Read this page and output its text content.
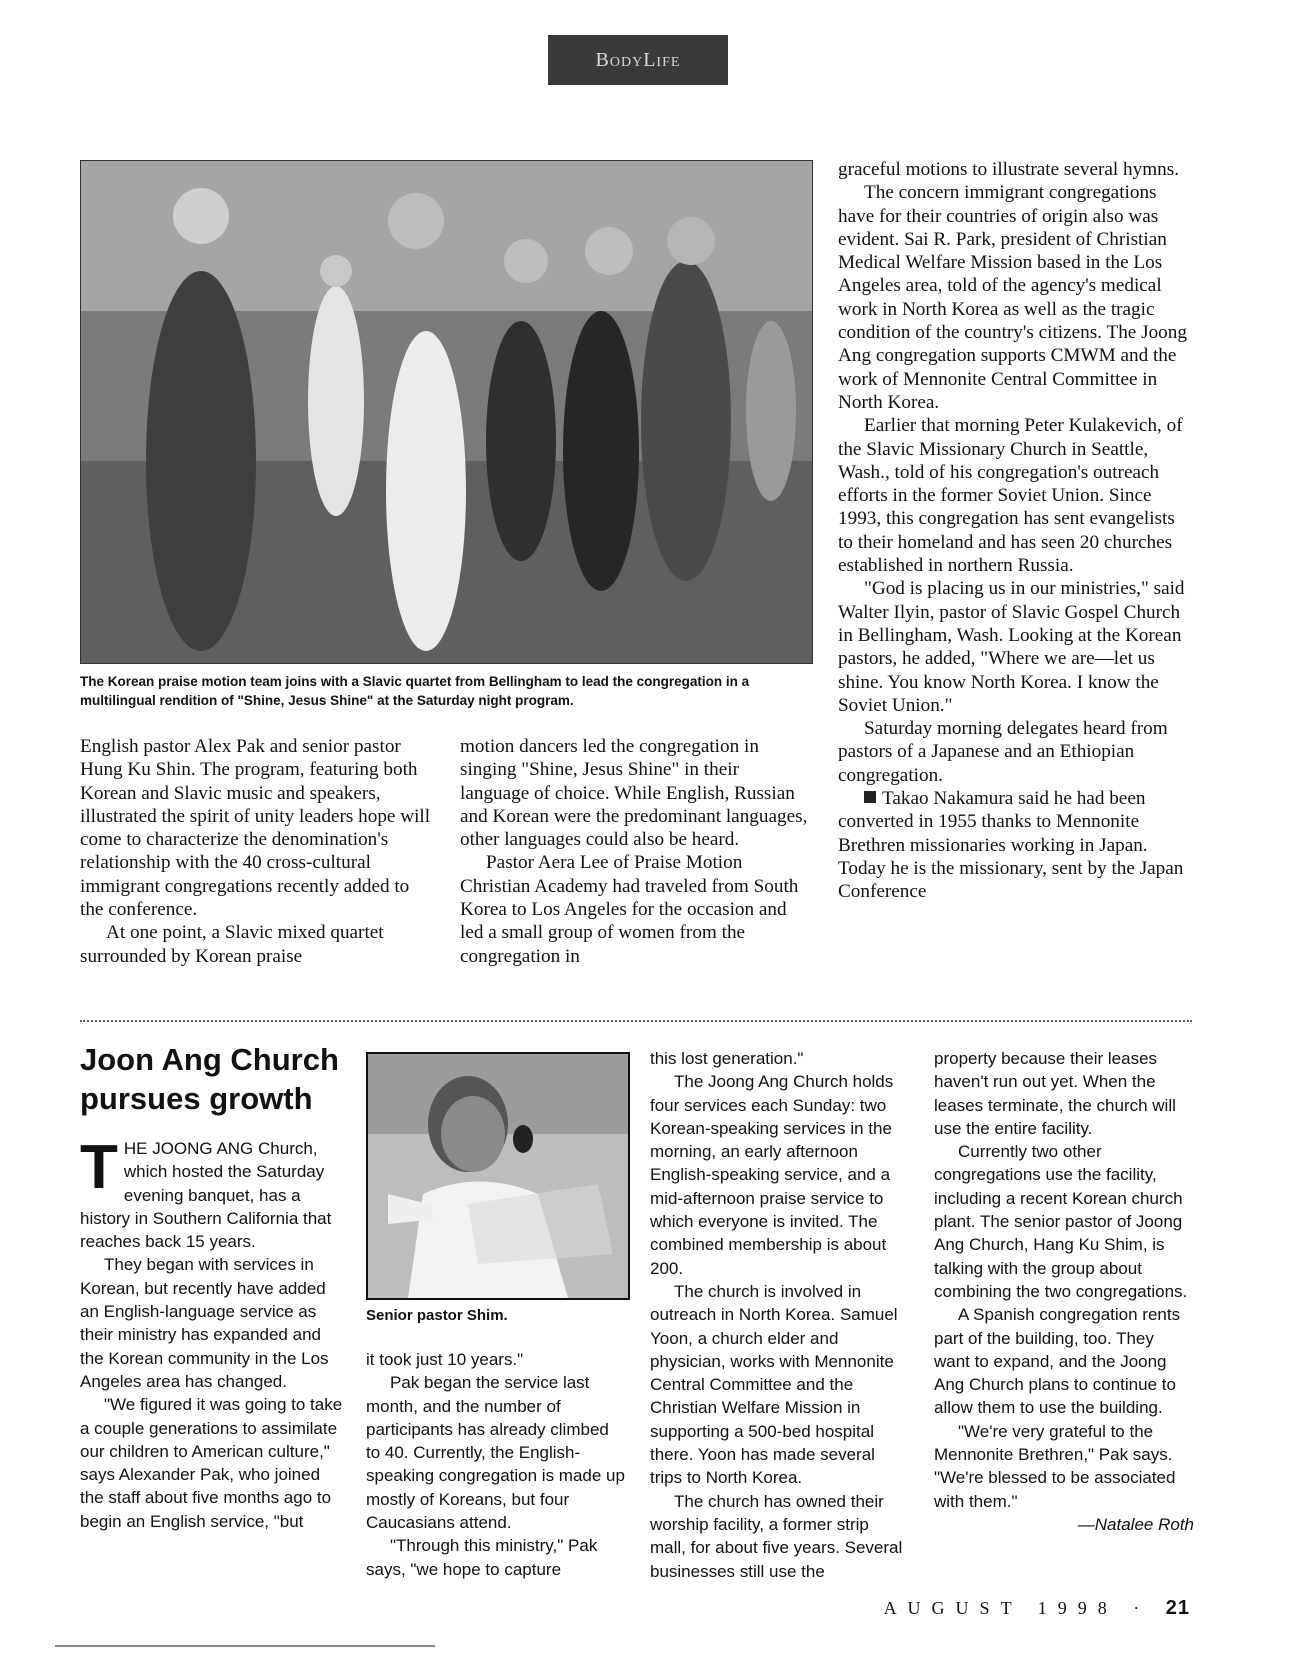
BodyLife
The Korean praise motion team joins with a Slavic quartet from Bellingham to lead the congregation in a multilingual rendition of "Shine, Jesus Shine" at the Saturday night program.

English pastor Alex Pak and senior pastor Hung Ku Shin. The program, featuring both Korean and Slavic music and speakers, illustrated the spirit of unity leaders hope will come to characterize the denomination's relationship with the 40 cross-cultural immigrant congregations recently added to the conference.

At one point, a Slavic mixed quartet surrounded by Korean praise

motion dancers led the congregation in singing "Shine, Jesus Shine" in their language of choice. While English, Russian and Korean were the predominant languages, other languages could also be heard.

Pastor Aera Lee of Praise Motion Christian Academy had traveled from South Korea to Los Angeles for the occasion and led a small group of women from the congregation in

graceful motions to illustrate several hymns.

The concern immigrant congregations have for their countries of origin also was evident. Sai R. Park, president of Christian Medical Welfare Mission based in the Los Angeles area, told of the agency's medical work in North Korea as well as the tragic condition of the country's citizens. The Joong Ang congregation supports CMWM and the work of Mennonite Central Committee in North Korea.

Earlier that morning Peter Kulakevich, of the Slavic Missionary Church in Seattle, Wash., told of his congregation's outreach efforts in the former Soviet Union. Since 1993, this congregation has sent evangelists to their homeland and has seen 20 churches established in northern Russia.

"God is placing us in our ministries," said Walter Ilyin, pastor of Slavic Gospel Church in Bellingham, Wash. Looking at the Korean pastors, he added, "Where we are—let us shine. You know North Korea. I know the Soviet Union."

Saturday morning delegates heard from pastors of a Japanese and an Ethiopian congregation.

Takao Nakamura said he had been converted in 1955 thanks to Mennonite Brethren missionaries working in Japan. Today he is the missionary, sent by the Japan Conference

Joon Ang Church pursues growth

THE JOONG ANG Church, which hosted the Saturday evening banquet, has a history in Southern California that reaches back 15 years.

They began with services in Korean, but recently have added an English-language service as their ministry has expanded and the Korean community in the Los Angeles area has changed.

"We figured it was going to take a couple generations to assimilate our children to American culture," says Alexander Pak, who joined the staff about five months ago to begin an English service, "but

Senior pastor Shim.

it took just 10 years."

Pak began the service last month, and the number of participants has already climbed to 40. Currently, the English-speaking congregation is made up mostly of Koreans, but four Caucasians attend.

"Through this ministry," Pak says, "we hope to capture

this lost generation."

The Joong Ang Church holds four services each Sunday: two Korean-speaking services in the morning, an early afternoon English-speaking service, and a mid-afternoon praise service to which everyone is invited. The combined membership is about 200.

The church is involved in outreach in North Korea. Samuel Yoon, a church elder and physician, works with Mennonite Central Committee and the Christian Welfare Mission in supporting a 500-bed hospital there. Yoon has made several trips to North Korea.

The church has owned their worship facility, a former strip mall, for about five years. Several businesses still use the

property because their leases haven't run out yet. When the leases terminate, the church will use the entire facility.

Currently two other congregations use the facility, including a recent Korean church plant. The senior pastor of Joong Ang Church, Hang Ku Shim, is talking with the group about combining the two congregations.

A Spanish congregation rents part of the building, too. They want to expand, and the Joong Ang Church plans to continue to allow them to use the building.

"We're very grateful to the Mennonite Brethren," Pak says. "We're blessed to be associated with them."

—Natalee Roth

AUGUST 1998 · 21
